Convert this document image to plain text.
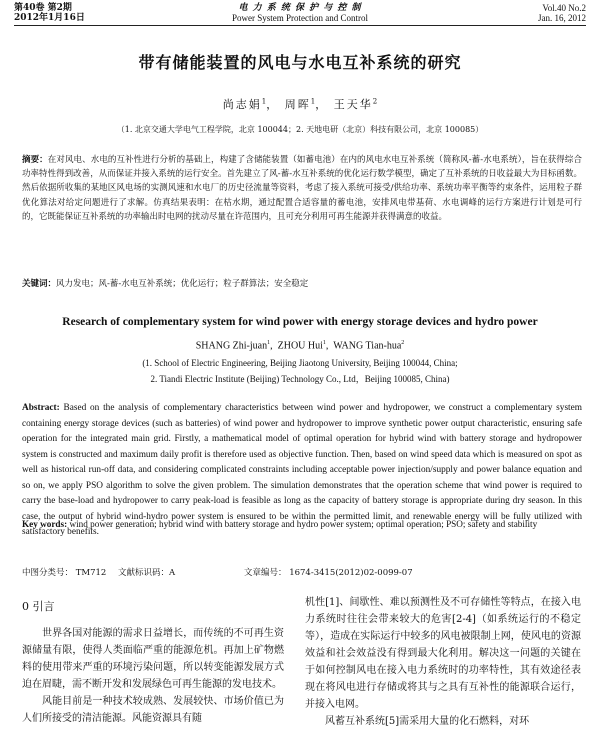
第40卷 第2期
2012年1月16日
电 力 系 统 保 护 与 控 制
Power System Protection and Control
Vol.40 No.2
Jan. 16, 2012
带有储能装置的风电与水电互补系统的研究
尚志娟$^1$， 周晖$^1$， 王天华$^2$
（1. 北京交通大学电气工程学院，北京 100044；2. 天地电研（北京）科技有限公司，北京 100085）
摘要：在对风电、水电的互补性进行分析的基础上，构建了含储能装置（如蓄电池）在内的风电水电互补系统（简称风-蓄-水电系统），旨在获得综合功率特性得到改善，从而保证并接入系统的运行安全。首先建立了风-蓄-水互补系统的优化运行数学模型，确定了互补系统的日收益最大为目标函数。然后依据所收集的某地区风电场的实测风速和水电厂的历史径流量等资料，考虑了接入系统可接受/供给功率、系统功率平衡等约束条件，运用粒子群优化算法对给定问题进行了求解。仿真结果表明：在枯水期，通过配置合适容量的蓄电池，安排风电带基荷、水电调峰的运行方案进行计划是可行的，它既能保证互补系统的功率输出时电网的扰动尽量在许范围内，且可充分利用可再生能源并获得满意的收益。
关键词：风力发电；风-蓄-水电互补系统；优化运行；粒子群算法；安全稳定
Research of complementary system for wind power with energy storage devices and hydro power
SHANG Zhi-juan$^1$,  ZHOU Hui$^1$,  WANG Tian-hua$^2$
(1. School of Electric Engineering, Beijing Jiaotong University, Beijing 100044, China;
2. Tiandi Electric Institute (Beijing) Technology Co., Ltd，Beijing 100085, China)
Abstract: Based on the analysis of complementary characteristics between wind power and hydropower, we construct a complementary system containing energy storage devices (such as batteries) of wind power and hydropower to improve synthetic power output characteristic, ensuring safe operation for the integrated main grid. Firstly, a mathematical model of optimal operation for hybrid wind with battery storage and hydropower system is constructed and maximum daily profit is therefore used as objective function. Then, based on wind speed data which is measured on spot as well as historical run-off data, and considering complicated constraints including acceptable power injection/supply and power balance equation and so on, we apply PSO algorithm to solve the given problem. The simulation demonstrates that the operation scheme that wind power is required to carry the base-load and hydropower to carry peak-load is feasible as long as the capacity of battery storage is appropriate during dry season. In this case, the output of hybrid wind-hydro power system is ensured to be within the permitted limit, and renewable energy will be fully utilized with satisfactory benefits.
Key words: wind power generation; hybrid wind with battery storage and hydro power system; optimal operation; PSO; safety and stability
中图分类号： TM712 文献标识码：A	文章编号： 1674-3415(2012)02-0099-07
0 引言

世界各国对能源的需求日益增长，而传统的不可再生资源储量有限，使得人类面临严重的能源危机。再加上矿物燃料的使用带来严重的环境污染问题，所以转变能源发展方式迫在眉睫，需不断开发和发展绿色可再生能源的发电技术。

风能目前是一种技术较成熟、发展较快、市场价值已为人们所接受的清洁能源。风能资源具有随

机性[1]、间歇性、难以预测性及不可存储性等特点，在接入电力系统时往往会带来较大的危害[2-4]（如系统运行的不稳定等），造成在实际运行中较多的风电被限制上网，使风电的资源效益和社会效益没有得到最大化利用。解决这一问题的关键在于如何控制风电在接入电力系统时的功率特性，其有效途径表现在将风电进行存储或将其与之具有互补性的能源联合运行，并接入电网。

风蓄互补系统[5]需采用大量的化石燃料，对环
